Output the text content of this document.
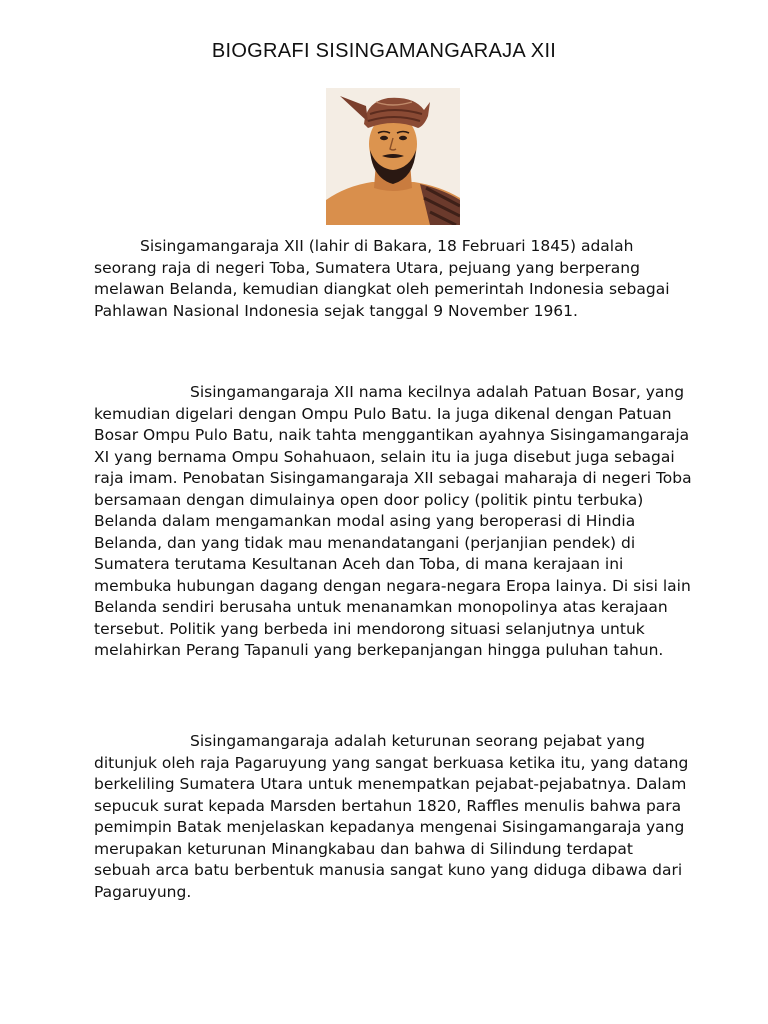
BIOGRAFI SISINGAMANGARAJA XII

Sisingamangaraja XII (lahir di Bakara, 18 Februari 1845) adalah seorang raja di negeri Toba, Sumatera Utara, pejuang yang berperang melawan Belanda, kemudian diangkat oleh pemerintah Indonesia sebagai Pahlawan Nasional Indonesia sejak tanggal 9 November 1961.

Sisingamangaraja XII nama kecilnya adalah Patuan Bosar, yang kemudian digelari dengan Ompu Pulo Batu. Ia juga dikenal dengan Patuan Bosar Ompu Pulo Batu, naik tahta menggantikan ayahnya Sisingamangaraja XI yang bernama Ompu Sohahuaon, selain itu ia juga disebut juga sebagai raja imam. Penobatan Sisingamangaraja XII sebagai maharaja di negeri Toba bersamaan dengan dimulainya open door policy (politik pintu terbuka) Belanda dalam mengamankan modal asing yang beroperasi di Hindia Belanda, dan yang tidak mau menandatangani (perjanjian pendek) di Sumatera terutama Kesultanan Aceh dan Toba, di mana kerajaan ini membuka hubungan dagang dengan negara-negara Eropa lainya. Di sisi lain Belanda sendiri berusaha untuk menanamkan monopolinya atas kerajaan tersebut. Politik yang berbeda ini mendorong situasi selanjutnya untuk melahirkan Perang Tapanuli yang berkepanjangan hingga puluhan tahun.

Sisingamangaraja adalah keturunan seorang pejabat yang ditunjuk oleh raja Pagaruyung yang sangat berkuasa ketika itu, yang datang berkeliling Sumatera Utara untuk menempatkan pejabat-pejabatnya. Dalam sepucuk surat kepada Marsden bertahun 1820, Raffles menulis bahwa para pemimpin Batak menjelaskan kepadanya mengenai Sisingamangaraja yang merupakan keturunan Minangkabau dan bahwa di Silindung terdapat sebuah arca batu berbentuk manusia sangat kuno yang diduga dibawa dari Pagaruyung.
